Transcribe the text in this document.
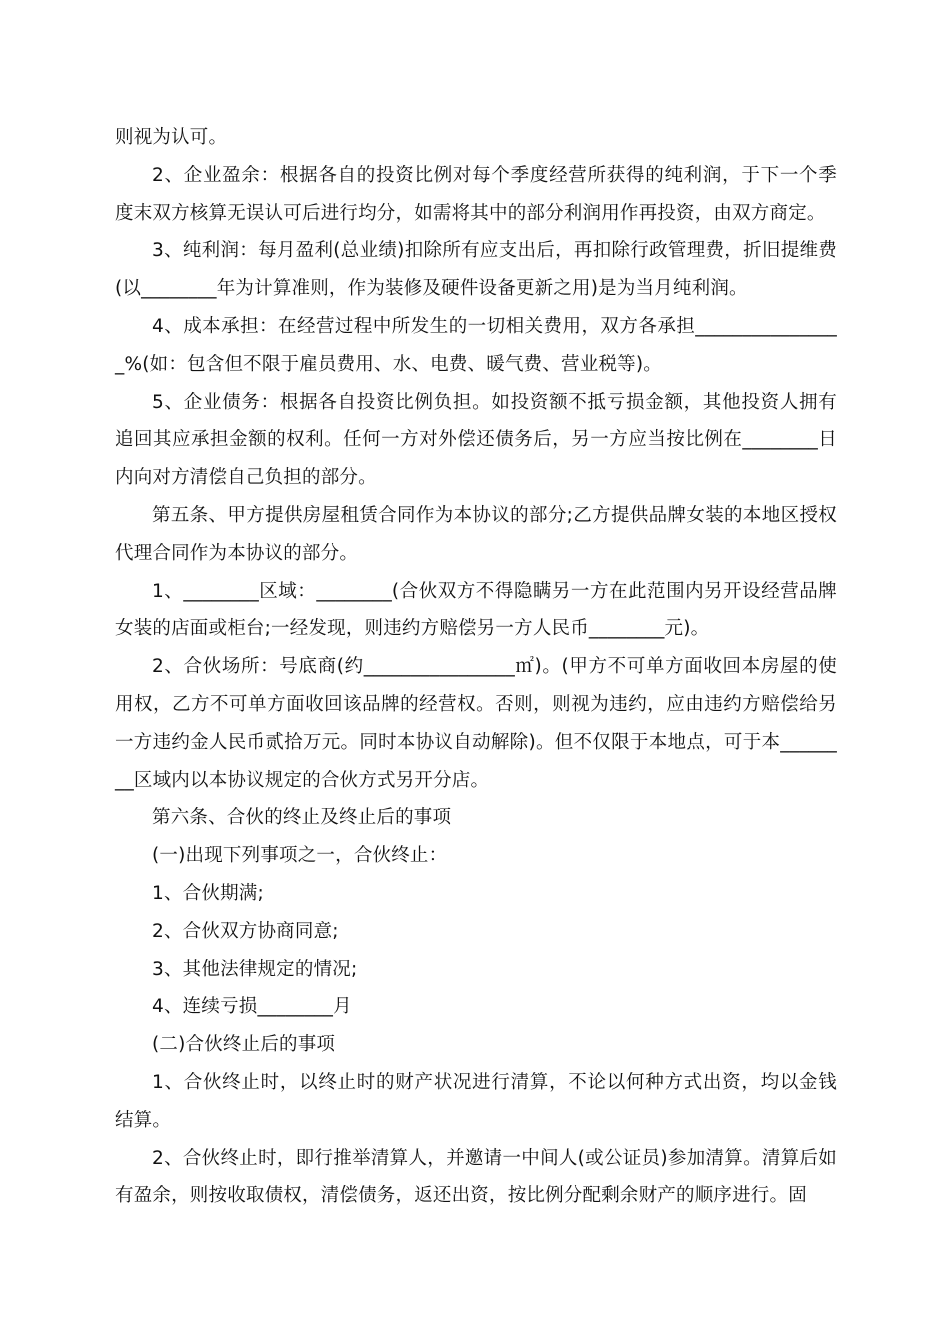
则视为认可。

2、企业盈余：根据各自的投资比例对每个季度经营所获得的纯利润，于下一个季度末双方核算无误认可后进行均分，如需将其中的部分利润用作再投资，由双方商定。

3、纯利润：每月盈利(总业绩)扣除所有应支出后，再扣除行政管理费，折旧提维费(以________年为计算准则，作为装修及硬件设备更新之用)是为当月纯利润。

4、成本承担：在经营过程中所发生的一切相关费用，双方各承担________________%(如：包含但不限于雇员费用、水、电费、暖气费、营业税等)。

5、企业债务：根据各自投资比例负担。如投资额不抵亏损金额，其他投资人拥有追回其应承担金额的权利。任何一方对外偿还债务后，另一方应当按比例在________日内向对方清偿自己负担的部分。

第五条、甲方提供房屋租赁合同作为本协议的部分;乙方提供品牌女装的本地区授权代理合同作为本协议的部分。

1、________区域：________(合伙双方不得隐瞒另一方在此范围内另开设经营品牌女装的店面或柜台;一经发现，则违约方赔偿另一方人民币________元)。

2、合伙场所：号底商(约________________㎡)。(甲方不可单方面收回本房屋的使用权，乙方不可单方面收回该品牌的经营权。否则，则视为违约，应由违约方赔偿给另一方违约金人民币贰拾万元。同时本协议自动解除)。但不仅限于本地点，可于本________区域内以本协议规定的合伙方式另开分店。

第六条、合伙的终止及终止后的事项

(一)出现下列事项之一，合伙终止：

1、合伙期满;

2、合伙双方协商同意;

3、其他法律规定的情况;

4、连续亏损________月

(二)合伙终止后的事项

1、合伙终止时，以终止时的财产状况进行清算，不论以何种方式出资，均以金钱结算。

2、合伙终止时，即行推举清算人，并邀请一中间人(或公证员)参加清算。清算后如有盈余，则按收取债权，清偿债务，返还出资，按比例分配剩余财产的顺序进行。固
